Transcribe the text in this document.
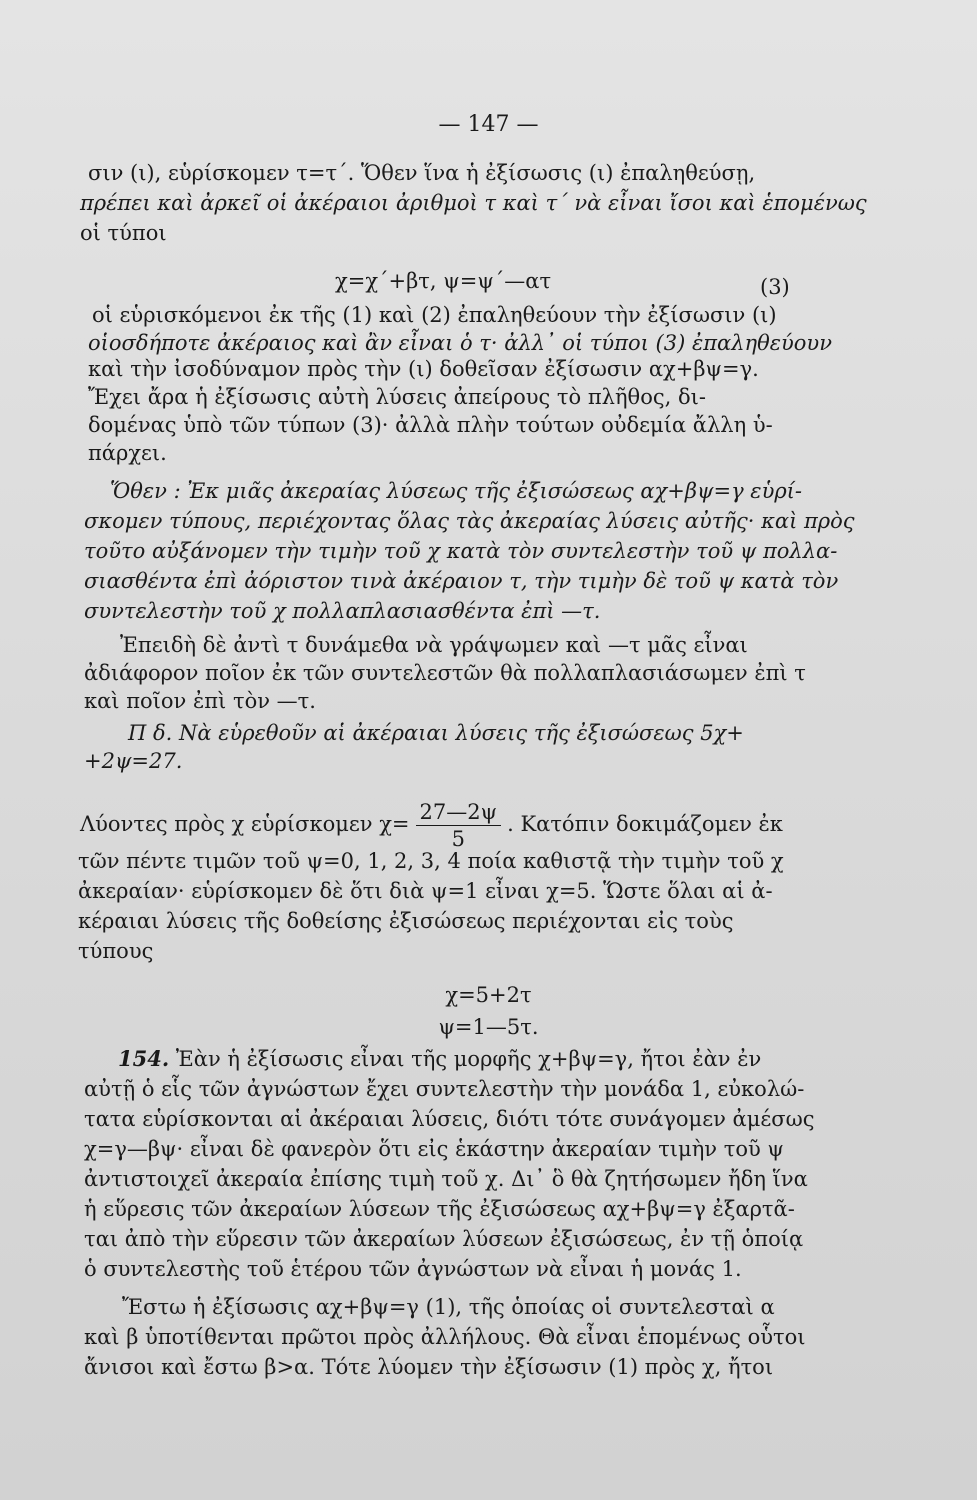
— 147 —
σιν (ι), εὑρίσκομεν τ=τ΄. Ὅθεν ἵνα ἡ ἐξίσωσις (ι) ἐπαληθεύσῃ,
πρέπει καὶ ἀρκεῖ οἱ ἀκέραιοι ἀριθμοὶ τ καὶ τ΄ νὰ εἶναι ἴσοι καὶ ἑπομένως
οἱ τύποι
χ=χ΄+βτ, ψ=ψ΄—ατ	(3)
οἱ εὑρισκόμενοι ἐκ τῆς (1) καὶ (2) ἐπαληθεύουν τὴν ἐξίσωσιν (ι)
οἱοσδήποτε ἀκέραιος καὶ ἂν εἶναι ὁ τ· ἀλλ᾽ οἱ τύποι (3) ἐπαληθεύουν
καὶ τὴν ἰσοδύναμον πρὸς τὴν (ι) δοθεῖσαν ἐξίσωσιν αχ+βψ=γ.
Ἔχει ἄρα ἡ ἐξίσωσις αὐτὴ λύσεις ἀπείρους τὸ πλῆθος, δι-
δομένας ὑπὸ τῶν τύπων (3)· ἀλλὰ πλὴν τούτων οὐδεμία ἄλλη ὑ-
πάρχει.
Ὅθεν : Ἐκ μιᾶς ἀκεραίας λύσεως τῆς ἐξισώσεως αχ+βψ=γ εὑρί-
σκομεν τύπους, περιέχοντας ὅλας τὰς ἀκεραίας λύσεις αὐτῆς· καὶ πρὸς
τοῦτο αὐξάνομεν τὴν τιμὴν τοῦ χ κατὰ τὸν συντελεστὴν τοῦ ψ πολλα-
σιασθέντα ἐπὶ ἀόριστον τινὰ ἀκέραιον τ, τὴν τιμὴν δὲ τοῦ ψ κατὰ τὸν
συντελεστὴν τοῦ χ πολλαπλασιασθέντα ἐπὶ —τ.
Ἐπειδὴ δὲ ἀντὶ τ δυνάμεθα νὰ γράψωμεν καὶ —τ μᾶς εἶναι
ἀδιάφορον ποῖον ἐκ τῶν συντελεστῶν θὰ πολλαπλασιάσωμεν ἐπὶ τ
καὶ ποῖον ἐπὶ τὸν —τ.
Π δ. Νὰ εὑρεθοῦν αἱ ἀκέραιαι λύσεις τῆς ἐξισώσεως 5χ+
+2ψ=27.
Λύοντες πρὸς χ εὑρίσκομεν $\chi= \frac{27—2\psi}{5}$ . Κατόπιν δοκιμάζομεν ἐκ
τῶν πέντε τιμῶν τοῦ ψ=0, 1, 2, 3, 4 ποία καθιστᾷ τὴν τιμὴν τοῦ χ
ἀκεραίαν· εὑρίσκομεν δὲ ὅτι διὰ ψ=1 εἶναι χ=5. Ὥστε ὅλαι αἱ ἀ-
κέραιαι λύσεις τῆς δοθείσης ἐξισώσεως περιέχονται εἰς τοὺς
τύπους
χ=5+2τ
ψ=1—5τ.
154. Ἐὰν ἡ ἐξίσωσις εἶναι τῆς μορφῆς χ+βψ=γ, ἤτοι ἐὰν ἐν
αὐτῇ ὁ εἷς τῶν ἀγνώστων ἔχει συντελεστὴν τὴν μονάδα 1, εὐκολώ-
τατα εὑρίσκονται αἱ ἀκέραιαι λύσεις, διότι τότε συνάγομεν ἀμέσως
χ=γ—βψ· εἶναι δὲ φανερὸν ὅτι εἰς ἑκάστην ἀκεραίαν τιμὴν τοῦ ψ
ἀντιστοιχεῖ ἀκεραία ἐπίσης τιμὴ τοῦ χ. Δι᾽ ὃ θὰ ζητήσωμεν ἤδη ἵνα
ἡ εὕρεσις τῶν ἀκεραίων λύσεων τῆς ἐξισώσεως αχ+βψ=γ ἐξαρτᾶ-
ται ἀπὸ τὴν εὕρεσιν τῶν ἀκεραίων λύσεων ἐξισώσεως, ἐν τῇ ὁποίᾳ
ὁ συντελεστὴς τοῦ ἑτέρου τῶν ἀγνώστων νὰ εἶναι ἡ μονάς 1.
Ἔστω ἡ ἐξίσωσις αχ+βψ=γ (1), τῆς ὁποίας οἱ συντελεσταὶ α
καὶ β ὑποτίθενται πρῶτοι πρὸς ἀλλήλους. Θὰ εἶναι ἑπομένως οὗτοι
ἄνισοι καὶ ἔστω β>α. Τότε λύομεν τὴν ἐξίσωσιν (1) πρὸς χ, ἤτοι
